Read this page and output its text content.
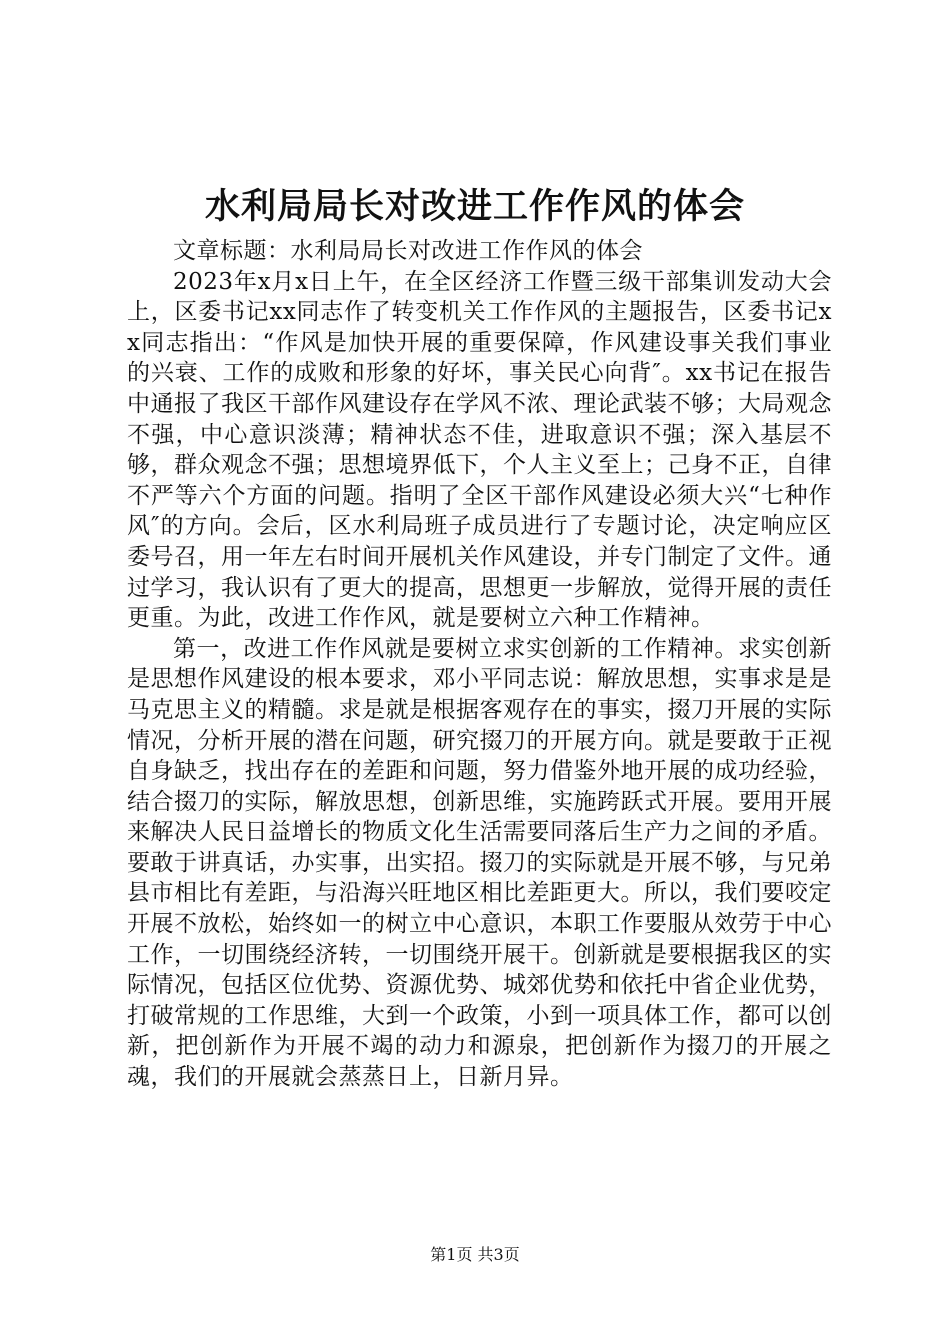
水利局局长对改进工作作风的体会

文章标题：水利局局长对改进工作作风的体会

2023年x月x日上午，在全区经济工作暨三级干部集训发动大会上，区委书记xx同志作了转变机关工作作风的主题报告，区委书记xx同志指出：“作风是加快开展的重要保障，作风建设事关我们事业的兴衰、工作的成败和形象的好坏，事关民心向背″。xx书记在报告中通报了我区干部作风建设存在学风不浓、理论武装不够；大局观念不强，中心意识淡薄；精神状态不佳，进取意识不强；深入基层不够，群众观念不强；思想境界低下，个人主义至上；己身不正，自律不严等六个方面的问题。指明了全区干部作风建设必须大兴“七种作风″的方向。会后，区水利局班子成员进行了专题讨论，决定响应区委号召，用一年左右时间开展机关作风建设，并专门制定了文件。通过学习，我认识有了更大的提高，思想更一步解放，觉得开展的责任更重。为此，改进工作作风，就是要树立六种工作精神。

第一，改进工作作风就是要树立求实创新的工作精神。求实创新是思想作风建设的根本要求，邓小平同志说：解放思想，实事求是是马克思主义的精髓。求是就是根据客观存在的事实，掇刀开展的实际情况，分析开展的潜在问题，研究掇刀的开展方向。就是要敢于正视自身缺乏，找出存在的差距和问题，努力借鉴外地开展的成功经验，结合掇刀的实际，解放思想，创新思维，实施跨跃式开展。要用开展来解决人民日益增长的物质文化生活需要同落后生产力之间的矛盾。要敢于讲真话，办实事，出实招。掇刀的实际就是开展不够，与兄弟县市相比有差距，与沿海兴旺地区相比差距更大。所以，我们要咬定开展不放松，始终如一的树立中心意识，本职工作要服从效劳于中心工作，一切围绕经济转，一切围绕开展干。创新就是要根据我区的实际情况，包括区位优势、资源优势、城郊优势和依托中省企业优势，打破常规的工作思维，大到一个政策，小到一项具体工作，都可以创新，把创新作为开展不竭的动力和源泉，把创新作为掇刀的开展之魂，我们的开展就会蒸蒸日上，日新月异。

第1页 共3页
